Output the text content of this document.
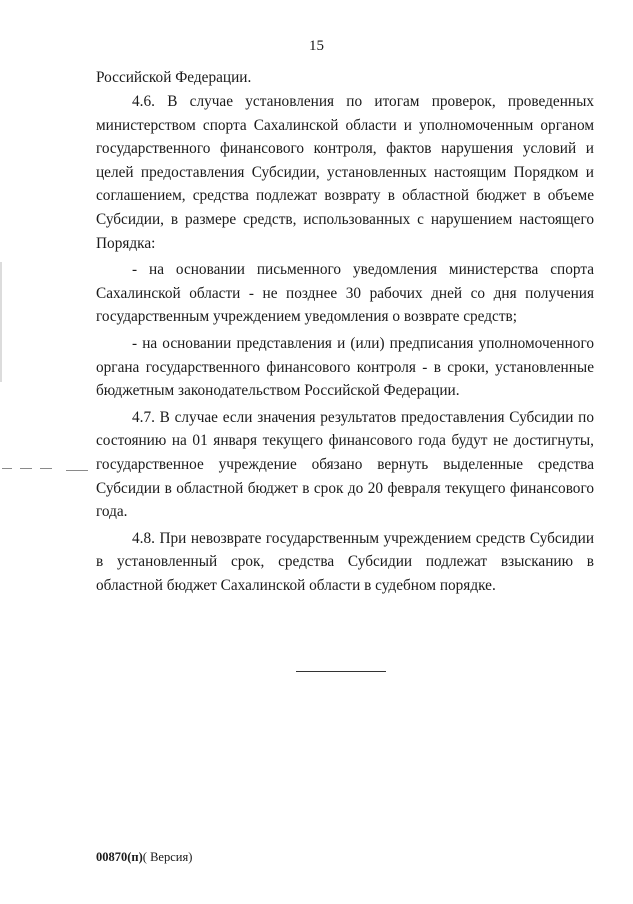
15

Российской Федерации.

4.6. В случае установления по итогам проверок, проведенных министерством спорта Сахалинской области и уполномоченным органом государственного финансового контроля, фактов нарушения условий и целей предоставления Субсидии, установленных настоящим Порядком и соглашением, средства подлежат возврату в областной бюджет в объеме Субсидии, в размере средств, использованных с нарушением настоящего Порядка:

- на основании письменного уведомления министерства спорта Сахалинской области - не позднее 30 рабочих дней со дня получения государственным учреждением уведомления о возврате средств;

- на основании представления и (или) предписания уполномоченного органа государственного финансового контроля - в сроки, установленные бюджетным законодательством Российской Федерации.

4.7. В случае если значения результатов предоставления Субсидии по состоянию на 01 января текущего финансового года будут не достигнуты, государственное учреждение обязано вернуть выделенные средства Субсидии в областной бюджет в срок до 20 февраля текущего финансового года.

4.8. При невозврате государственным учреждением средств Субсидии в установленный срок, средства Субсидии подлежат взысканию в областной бюджет Сахалинской области в судебном порядке.

00870(п)( Версия)
